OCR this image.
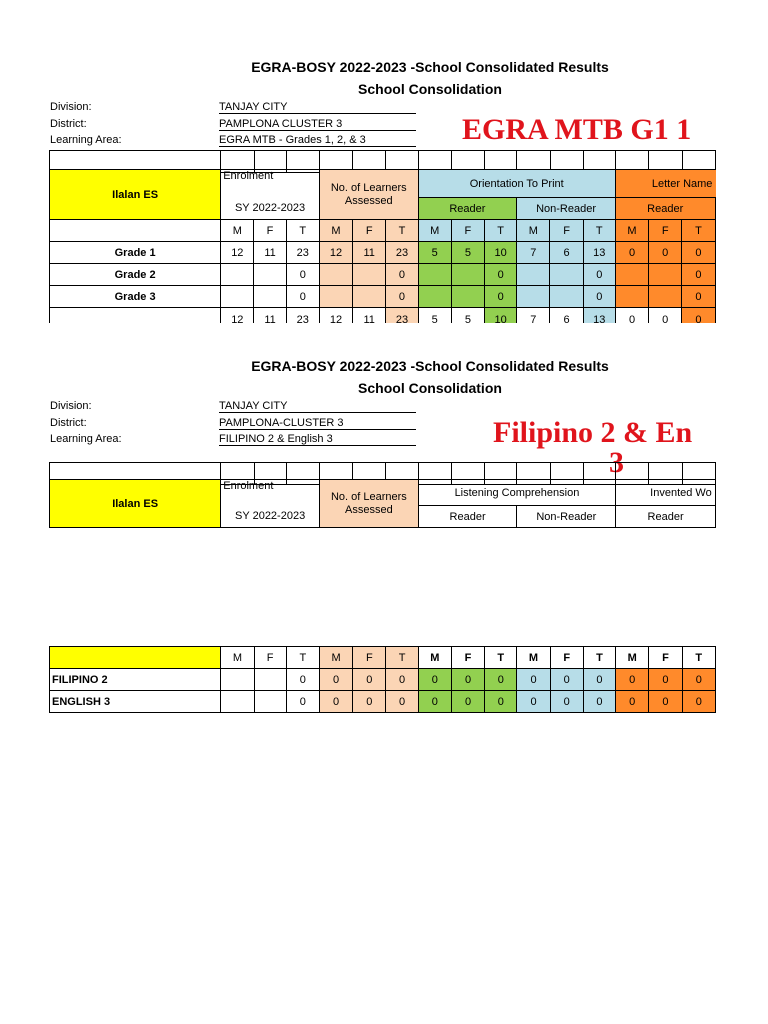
EGRA-BOSY 2022-2023 -School Consolidated Results
School Consolidation
Division:	TANJAY CITY
District:	PAMPLONA CLUSTER 3
Learning Area:	EGRA MTB - Grades 1, 2, & 3	EGRA MTB G1 1

Ilalan ES	Enrolment			No. of Learners Assessed			Orientation To Print						Letter Name			
	SY 2022-2023						Reader			Non-Reader			Reader			
	M	F	T	M	F	T	M	F	T	M	F	T	M	F	T	
Grade 1	12	11	23	12	11	23	5	5	10	7	6	13	0	0	0	
Grade 2			0			0			0			0			0	
Grade 3			0			0			0			0			0	
	12	11	23	12	11	23	5	5	10	7	6	13	0	0	0	
EGRA-BOSY 2022-2023 -School Consolidated Results
School Consolidation
Division:	TANJAY CITY
District:	PAMPLONA-CLUSTER 3
Learning Area:	FILIPINO 2 & English 3	Filipino 2 & En
3

Ilalan ES	Enrolment	No. of Learners Assessed	Listening Comprehension		Invented Wo
	SY 2022-2023		Reader	Non-Reader	Reader
	M	F	T	M	F	T	M	F	T	M	F	T	M	F	T
FILIPINO 2			0	0	0	0	0	0	0	0	0	0	0	0	0
ENGLISH 3			0	0	0	0	0	0	0	0	0	0	0	0	0
